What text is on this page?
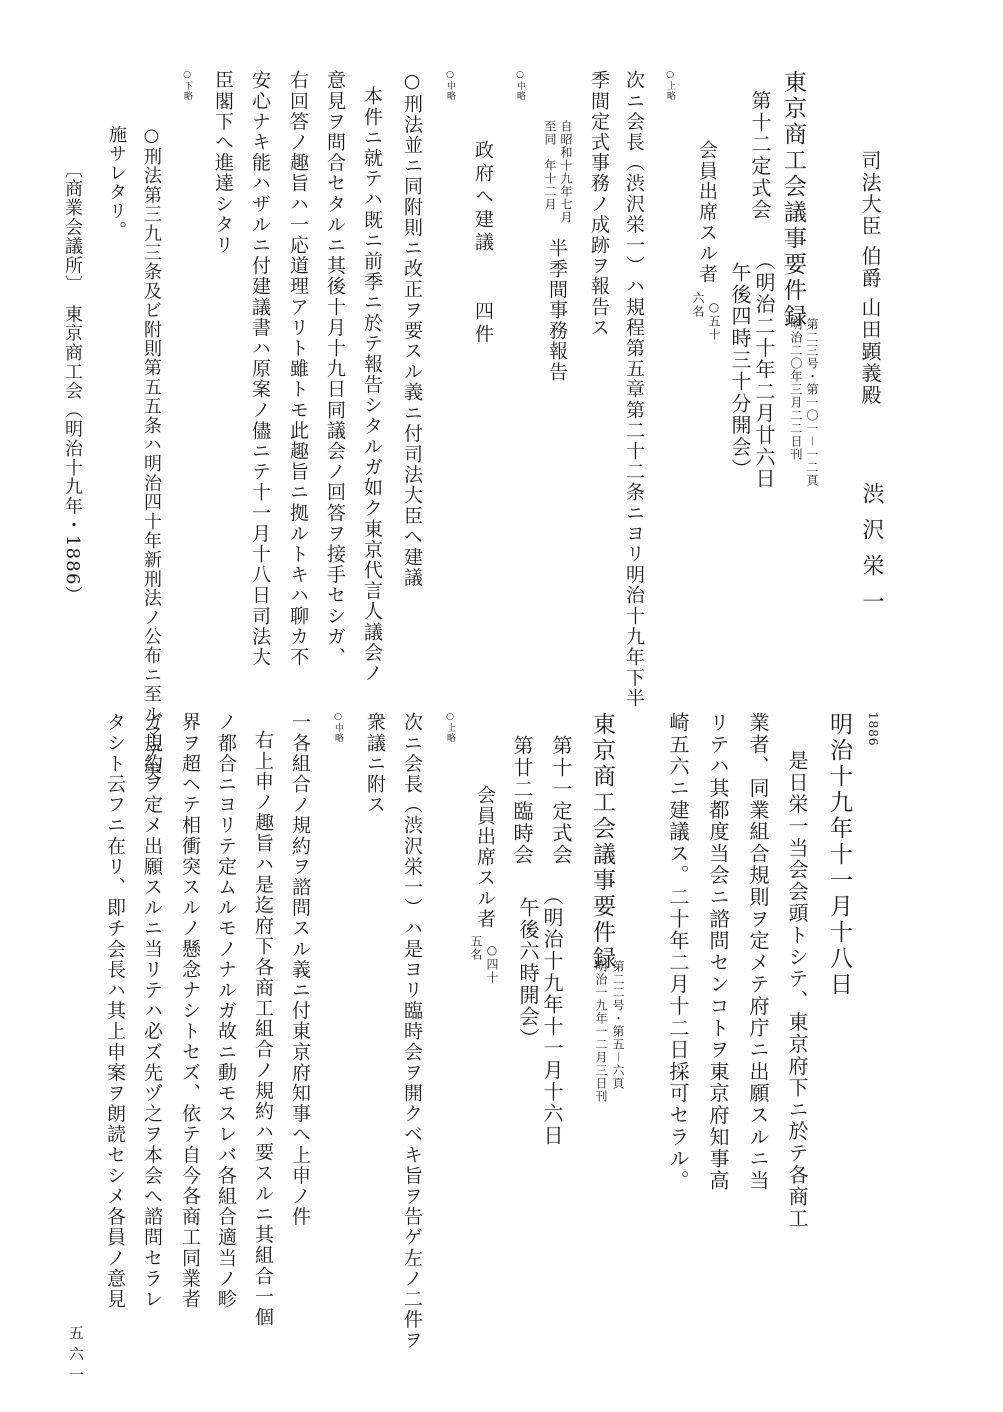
司法大臣 伯爵 山田顕義殿
渋沢栄一
東京商工会議事要件録
第二三号・第一〇一－一二頁
明治二〇年三月二二日刊
第十二定式会
（明治二十年二月廿六日
午後四時三十分開会）
会員出席スル者
○五十
六名
○上略
次ニ会長（渋沢栄一）ハ規程第五章第二十二条ニヨリ明治十九年下半
季間定式事務ノ成跡ヲ報告ス
自昭和十九年七月
至同　年十二月
半季間事務報告
○中略
政府へ建議　　四件
○中略
○刑法並ニ同附則ニ改正ヲ要スル義ニ付司法大臣へ建議
本件ニ就テハ既ニ前季ニ於テ報告シタルガ如ク東京代言人議会ノ
意見ヲ問合セタルニ其後十月十九日同議会ノ回答ヲ接手セシガ、
右回答ノ趣旨ハ一応道理アリト雖トモ此趣旨ニ拠ルトキハ聊カ不
安心ナキ能ハザルニ付建議書ハ原案ノ儘ニテ十一月十八日司法大
臣閣下へ進達シタリ
○下略
○刑法第三九三条及ビ附則第五五条ハ明治四十年新刑法ノ公布ニ至ルマデ実
施サレタリ。
〔商業会議所〕　東京商工会（明治十九年・1886）
1886
明治十九年十一月十八日
是日栄一当会会頭トシテ、東京府下ニ於テ各商工
業者、同業組合規則ヲ定メテ府庁ニ出願スルニ当
リテハ其都度当会ニ諮問センコトヲ東京府知事高
崎五六ニ建議ス。二十年二月十二日採可セラル。
東京商工会議事要件録
第二二号・第五－六頁
明治一九年一二月三日刊
第十一定式会
第廿二臨時会
（明治十九年十一月十六日
午後六時開会）
会員出席スル者
○四十
五名
○上略
次ニ会長（渋沢栄一）ハ是ヨリ臨時会ヲ開クベキ旨ヲ告ゲ左ノ二件ヲ
衆議ニ附ス
○中略
一各組合ノ規約ヲ諮問スル義ニ付東京府知事へ上申ノ件
右上申ノ趣旨ハ是迄府下各商工組合ノ規約ハ要スルニ其組合一個
ノ都合ニヨリテ定ムルモノナルガ故ニ動モスレバ各組合適当ノ畛
界ヲ超ヘテ相衝突スルノ懸念ナシトセズ、依テ自今各商工同業者
ガ規約ヲ定メ出願スルニ当リテハ必ズ先ヅ之ヲ本会へ諮問セラレ
タシト云フニ在リ、即チ会長ハ其上申案ヲ朗読セシメ各員ノ意見
五六一
